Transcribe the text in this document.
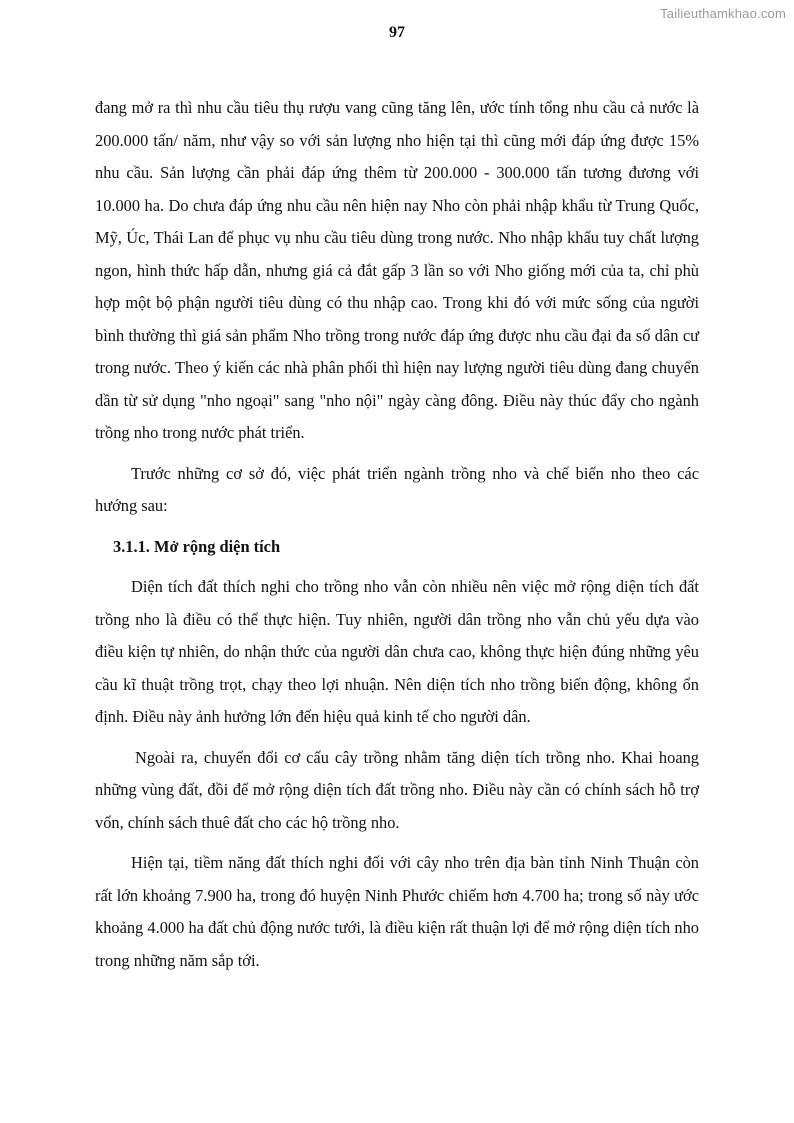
Tailieuthamkhao.com
97

đang mở ra thì nhu cầu tiêu thụ rượu vang cũng tăng lên, ước tính tổng nhu cầu cả nước là 200.000 tấn/ năm, như vậy so với sản lượng nho hiện tại thì cũng mới đáp ứng được 15% nhu cầu. Sản lượng cần phải đáp ứng thêm từ 200.000 - 300.000 tấn tương đương với 10.000 ha. Do chưa đáp ứng nhu cầu nên hiện nay Nho còn phải nhập khẩu từ Trung Quốc, Mỹ, Úc, Thái Lan để phục vụ nhu cầu tiêu dùng trong nước. Nho nhập khẩu tuy chất lượng ngon, hình thức hấp dẫn, nhưng giá cả đắt gấp 3 lần so với Nho giống mới của ta, chỉ phù hợp một bộ phận người tiêu dùng có thu nhập cao. Trong khi đó với mức sống của người bình thường thì giá sản phẩm Nho trồng trong nước đáp ứng được nhu cầu đại đa số dân cư trong nước. Theo ý kiến các nhà phân phối thì hiện nay lượng người tiêu dùng đang chuyển dần từ sử dụng "nho ngoại" sang "nho nội" ngày càng đông. Điều này thúc đẩy cho ngành trồng nho trong nước phát triển.

Trước những cơ sở đó, việc phát triển ngành trồng nho và chế biến nho theo các hướng sau:

3.1.1. Mở rộng diện tích

Diện tích đất thích nghi cho trồng nho vẫn còn nhiều nên việc mở rộng diện tích đất trồng nho là điều có thể thực hiện. Tuy nhiên, người dân trồng nho vẫn chủ yếu dựa vào điều kiện tự nhiên, do nhận thức của người dân chưa cao, không thực hiện đúng những yêu cầu kĩ thuật trồng trọt, chạy theo lợi nhuận. Nên diện tích nho trồng biến động, không ổn định. Điều này ảnh hưởng lớn đến hiệu quả kinh tế cho người dân.

Ngoài ra, chuyển đổi cơ cấu cây trồng nhằm tăng diện tích trồng nho. Khai hoang những vùng đất, đồi để mở rộng diện tích đất trồng nho. Điều này cần có chính sách hỗ trợ vốn, chính sách thuê đất cho các hộ trồng nho.

Hiện tại, tiềm năng đất thích nghi đối với cây nho trên địa bàn tỉnh Ninh Thuận còn rất lớn khoảng 7.900 ha, trong đó huyện Ninh Phước chiếm hơn 4.700 ha; trong số này ước khoảng 4.000 ha đất chủ động nước tưới, là điều kiện rất thuận lợi để mở rộng diện tích nho trong những năm sắp tới.
